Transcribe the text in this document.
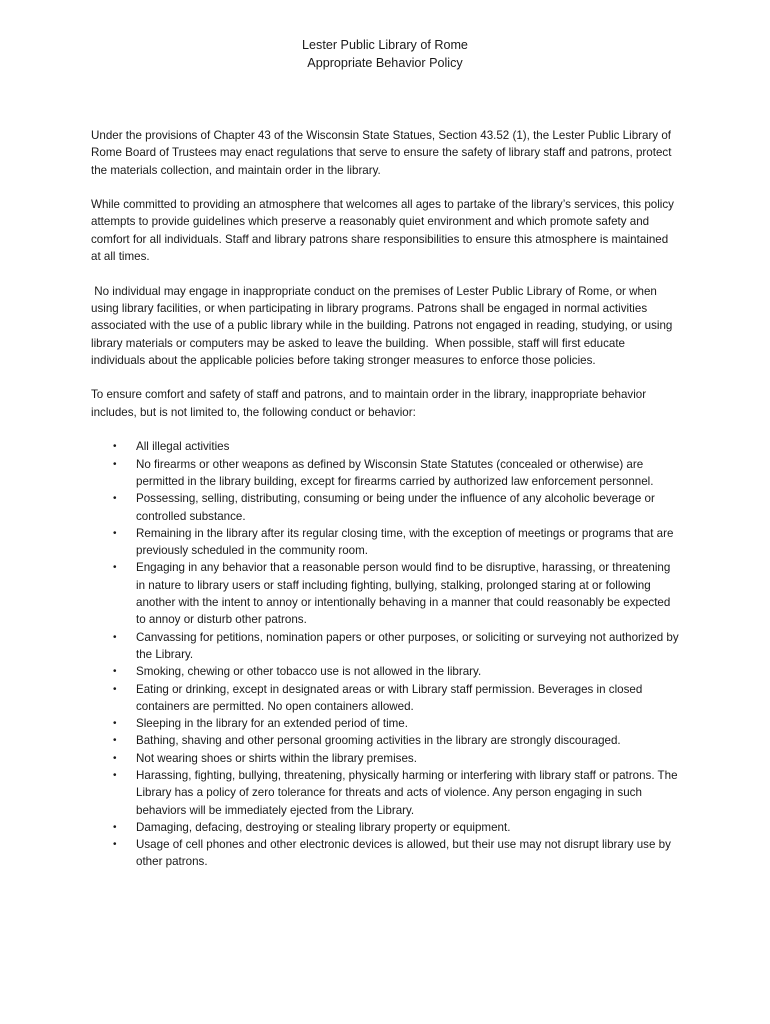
Lester Public Library of Rome
Appropriate Behavior Policy

Under the provisions of Chapter 43 of the Wisconsin State Statues, Section 43.52 (1), the Lester Public Library of Rome Board of Trustees may enact regulations that serve to ensure the safety of library staff and patrons, protect the materials collection, and maintain order in the library.

While committed to providing an atmosphere that welcomes all ages to partake of the library’s services, this policy attempts to provide guidelines which preserve a reasonably quiet environment and which promote safety and comfort for all individuals. Staff and library patrons share responsibilities to ensure this atmosphere is maintained at all times.

No individual may engage in inappropriate conduct on the premises of Lester Public Library of Rome, or when using library facilities, or when participating in library programs. Patrons shall be engaged in normal activities associated with the use of a public library while in the building. Patrons not engaged in reading, studying, or using library materials or computers may be asked to leave the building.  When possible, staff will first educate individuals about the applicable policies before taking stronger measures to enforce those policies.

To ensure comfort and safety of staff and patrons, and to maintain order in the library, inappropriate behavior includes, but is not limited to, the following conduct or behavior:

• All illegal activities
• No firearms or other weapons as defined by Wisconsin State Statutes (concealed or otherwise) are permitted in the library building, except for firearms carried by authorized law enforcement personnel.
• Possessing, selling, distributing, consuming or being under the influence of any alcoholic beverage or controlled substance.
• Remaining in the library after its regular closing time, with the exception of meetings or programs that are previously scheduled in the community room.
• Engaging in any behavior that a reasonable person would find to be disruptive, harassing, or threatening in nature to library users or staff including fighting, bullying, stalking, prolonged staring at or following another with the intent to annoy or intentionally behaving in a manner that could reasonably be expected to annoy or disturb other patrons.
• Canvassing for petitions, nomination papers or other purposes, or soliciting or surveying not authorized by the Library.
• Smoking, chewing or other tobacco use is not allowed in the library.
• Eating or drinking, except in designated areas or with Library staff permission. Beverages in closed containers are permitted. No open containers allowed.
• Sleeping in the library for an extended period of time.
• Bathing, shaving and other personal grooming activities in the library are strongly discouraged.
• Not wearing shoes or shirts within the library premises.
• Harassing, fighting, bullying, threatening, physically harming or interfering with library staff or patrons. The Library has a policy of zero tolerance for threats and acts of violence. Any person engaging in such behaviors will be immediately ejected from the Library.
• Damaging, defacing, destroying or stealing library property or equipment.
• Usage of cell phones and other electronic devices is allowed, but their use may not disrupt library use by other patrons.
